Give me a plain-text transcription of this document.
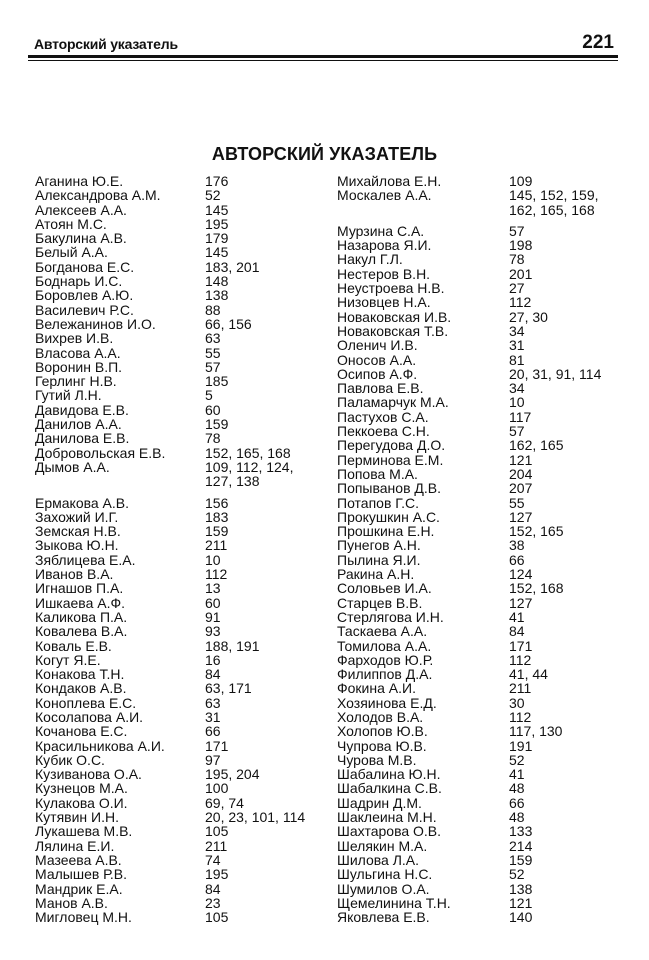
Авторский указатель	221
АВТОРСКИЙ УКАЗАТЕЛЬ
Аганина Ю.Е.	176
Александрова А.М.	52
Алексеев А.А.	145
Атоян М.С.	195
Бакулина А.В.	179
Белый А.А.	145
Богданова Е.С.	183, 201
Боднарь И.С.	148
Боровлев А.Ю.	138
Василевич Р.С.	88
Вележанинов И.О.	66, 156
Вихрев И.В.	63
Власова А.А.	55
Воронин В.П.	57
Герлинг Н.В.	185
Гутий Л.Н.	5
Давидова Е.В.	60
Данилов А.А.	159
Данилова Е.В.	78
Добровольская Е.В.	152, 165, 168
Дымов А.А.	109, 112, 124,
127, 138
Ермакова А.В.	156
Захожий И.Г.	183
Земская Н.В.	159
Зыкова Ю.Н.	211
Зяблицева Е.А.	10
Иванов В.А.	112
Игнашов П.А.	13
Ишкаева А.Ф.	60
Каликова П.А.	91
Ковалева В.А.	93
Коваль Е.В.	188, 191
Когут Я.Е.	16
Конакова Т.Н.	84
Кондаков А.В.	63, 171
Коноплева Е.С.	63
Косолапова А.И.	31
Кочанова Е.С.	66
Красильникова А.И.	171
Кубик О.С.	97
Кузиванова О.А.	195, 204
Кузнецов М.А.	100
Кулакова О.И.	69, 74
Кутявин И.Н.	20, 23, 101, 114
Лукашева М.В.	105
Лялина Е.И.	211
Мазеева А.В.	74
Малышев Р.В.	195
Мандрик Е.А.	84
Манов А.В.	23
Мигловец М.Н.	105
Михайлова Е.Н.	109
Москалев А.А.	145, 152, 159,
162, 165, 168
Мурзина С.А.	57
Назарова Я.И.	198
Накул Г.Л.	78
Нестеров В.Н.	201
Неустроева Н.В.	27
Низовцев Н.А.	112
Новаковская И.В.	27, 30
Новаковская Т.В.	34
Оленич И.В.	31
Оносов А.А.	81
Осипов А.Ф.	20, 31, 91, 114
Павлова Е.В.	34
Паламарчук М.А.	10
Пастухов С.А.	117
Пеккоева С.Н.	57
Перегудова Д.О.	162, 165
Перминова Е.М.	121
Попова М.А.	204
Попыванов Д.В.	207
Потапов Г.С.	55
Прокушкин А.С.	127
Прошкина Е.Н.	152, 165
Пунегов А.Н.	38
Пылина Я.И.	66
Ракина А.Н.	124
Соловьев И.А.	152, 168
Старцев В.В.	127
Стерлягова И.Н.	41
Таскаева А.А.	84
Томилова А.А.	171
Фарходов Ю.Р.	112
Филиппов Д.А.	41, 44
Фокина А.И.	211
Хозяинова Е.Д.	30
Холодов В.А.	112
Холопов Ю.В.	117, 130
Чупрова Ю.В.	191
Чурова М.В.	52
Шабалина Ю.Н.	41
Шабалкина С.В.	48
Шадрин Д.М.	66
Шаклеина М.Н.	48
Шахтарова О.В.	133
Шелякин М.А.	214
Шилова Л.А.	159
Шульгина Н.С.	52
Шумилов О.А.	138
Щемелинина Т.Н.	121
Яковлева Е.В.	140
